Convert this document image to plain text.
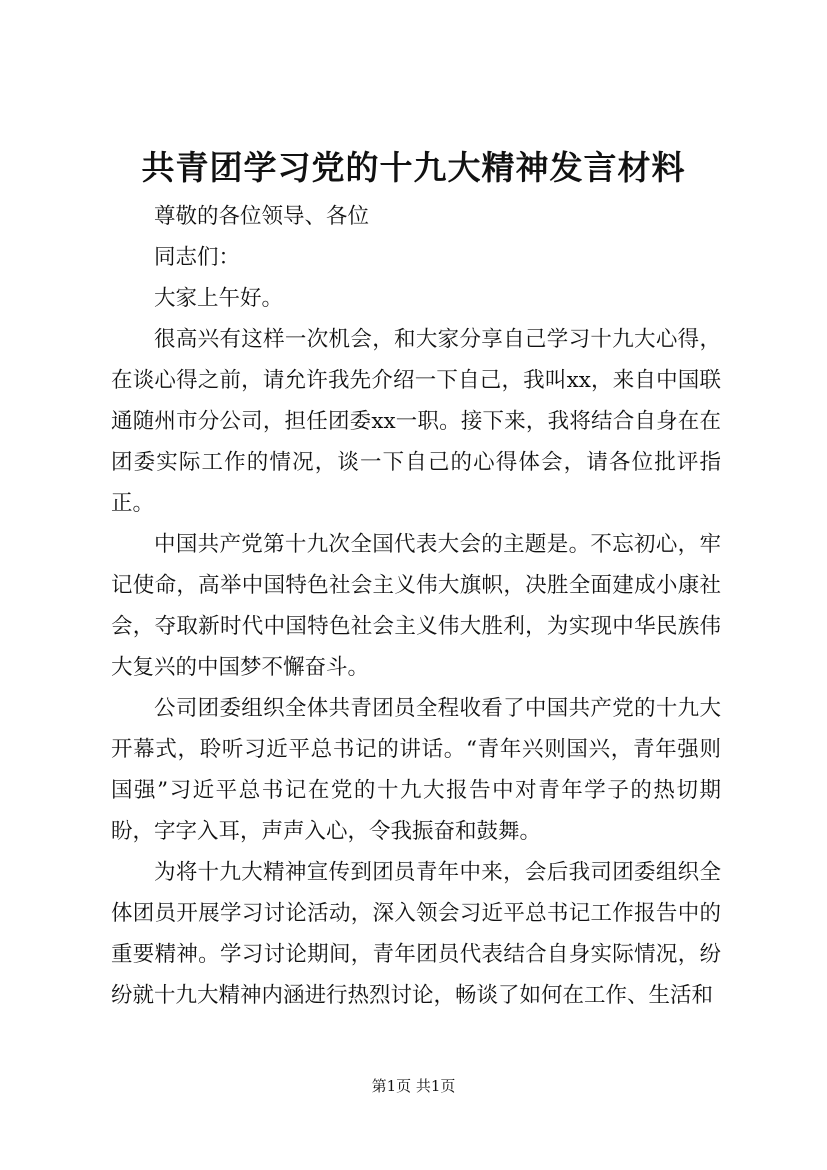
共青团学习党的十九大精神发言材料

尊敬的各位领导、各位

同志们：

大家上午好。

很高兴有这样一次机会，和大家分享自己学习十九大心得，在谈心得之前，请允许我先介绍一下自己，我叫xx，来自中国联通随州市分公司，担任团委xx一职。接下来，我将结合自身在在团委实际工作的情况，谈一下自己的心得体会，请各位批评指正。

中国共产党第十九次全国代表大会的主题是。不忘初心，牢记使命，高举中国特色社会主义伟大旗帜，决胜全面建成小康社会，夺取新时代中国特色社会主义伟大胜利，为实现中华民族伟大复兴的中国梦不懈奋斗。

公司团委组织全体共青团员全程收看了中国共产党的十九大开幕式，聆听习近平总书记的讲话。“青年兴则国兴，青年强则国强”习近平总书记在党的十九大报告中对青年学子的热切期盼，字字入耳，声声入心，令我振奋和鼓舞。

为将十九大精神宣传到团员青年中来，会后我司团委组织全体团员开展学习讨论活动，深入领会习近平总书记工作报告中的重要精神。学习讨论期间，青年团员代表结合自身实际情况，纷纷就十九大精神内涵进行热烈讨论，畅谈了如何在工作、生活和

第1页 共1页
